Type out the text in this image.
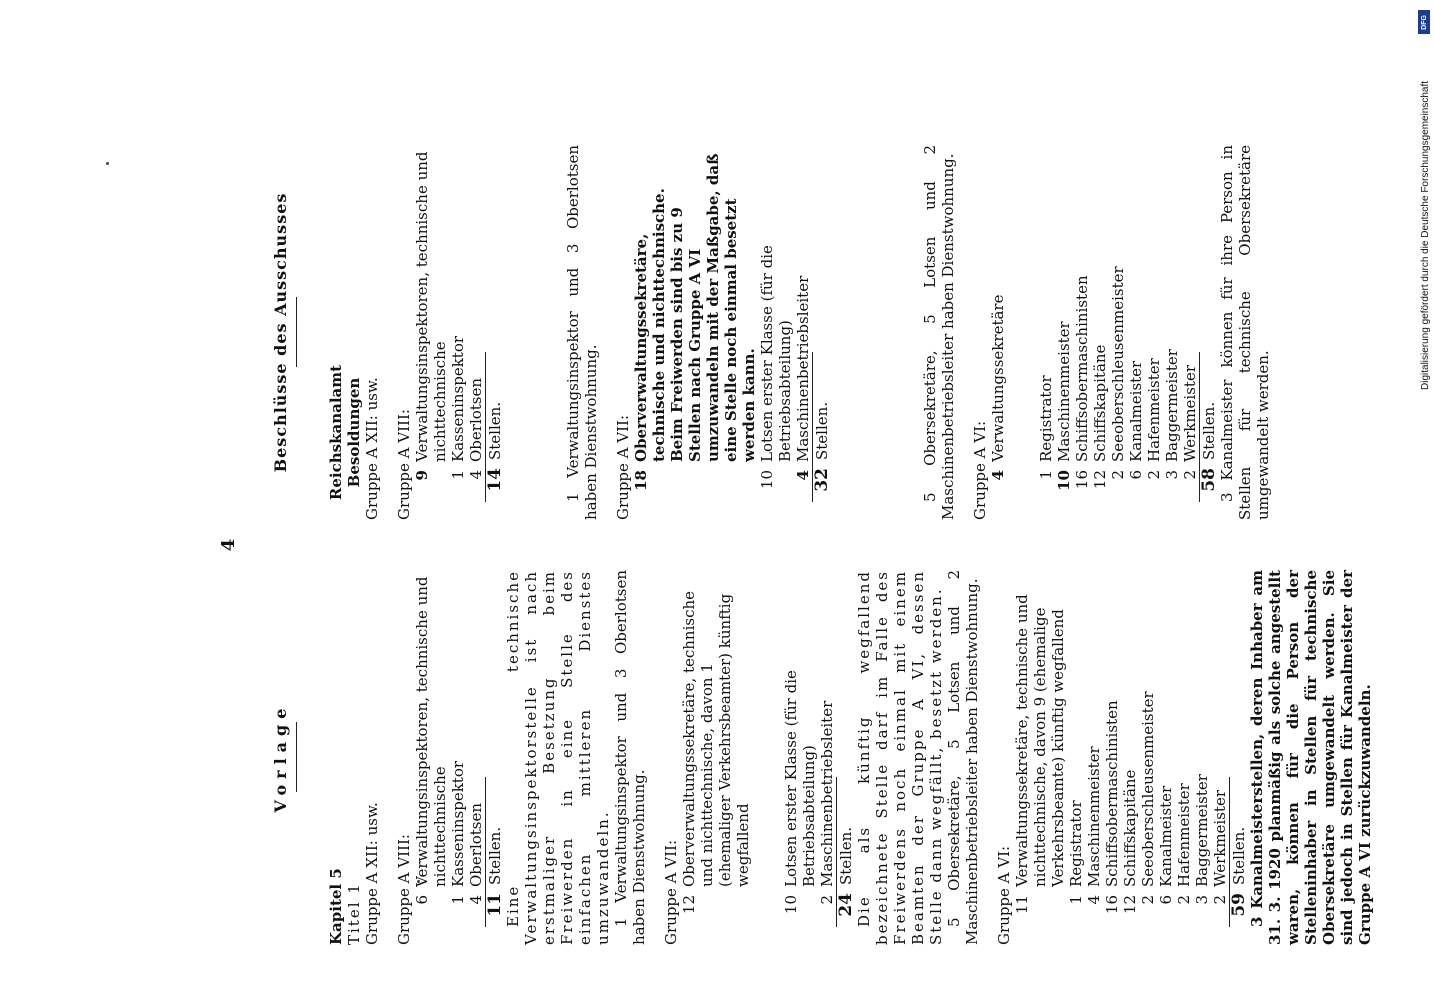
4
Vorlage
Kapitel 5 Titel 1 Gruppe A XII: usw. Gruppe A VIII: 6
Verwaltungsinspektoren, technische und nichttechnische
1
Kasseninspektor
4
Oberlotsen
11
Stellen. Eine technische Verwaltungsinspektorstelle ist nach erstmaliger Besetzung beim Freiwerden in eine Stelle des einfachen mittleren Dienstes umzuwandeln. 1 Verwaltungsinspektor und 3 Oberlotsen haben Dienstwohnung. Gruppe A VII: 12
Oberverwaltungssekretäre, technische und nichttechnische, davon 1 (ehemaliger Verkehrsbeamter) künftig wegfallend
10
Lotsen erster Klasse (für die Betriebsabteilung)
2
Maschinenbetriebsleiter
24
Stellen. Die als künftig wegfallend bezeichnete Stelle darf im Falle des Freiwerdens noch einmal mit einem Beamten der Gruppe A VI, dessen Stelle dann wegfällt, besetzt werden. 5 Obersekretäre, 5 Lotsen und 2 Maschinenbetriebsleiter haben Dienstwohnung. Gruppe A VI: 11
Verwaltungssekretäre, technische und nichttechnische, davon 9 (ehemalige Verkehrsbeamte) künftig wegfallend
1
Registrator
4
Maschinenmeister
16
Schiffsobermaschinisten
12
Schiffskapitäne
2
Seeoberschleusenmeister
6
Kanalmeister
2
Hafenmeister
3
Baggermeister
2
Werkmeister
59
Stellen. 3 Kanalmeisterstellen, deren Inhaber am 31. 3. 1920 planmäßig als solche angestellt waren, können für die Person der Stelleninhaber in Stellen für technische Obersekretäre umgewandelt werden. Sie sind jedoch in Stellen für Kanalmeister der Gruppe A VI zurückzuwandeln.
Beschlüsse des Ausschusses Reichskanalamt Besoldungen Gruppe A XII: usw. Gruppe A VIII: 9
Verwaltungsinspektoren, technische und nichttechnische
1
Kasseninspektor
4
Oberlotsen
14
Stellen.	1 Verwaltungsinspektor und 3 Oberlotsen haben Dienstwohnung. Gruppe A VII: 18
Oberverwaltungssekretäre, technische und nichttechnische. Beim Freiwerden sind bis zu 9 Stellen nach Gruppe A VI umzuwandeln mit der Maßgabe, daß eine Stelle noch einmal besetzt werden kann.
10
Lotsen erster Klasse (für die Betriebsabteilung)
4
Maschinenbetriebsleiter
32
Stellen.	5 Obersekretäre, 5 Lotsen und 2 Maschinenbetriebsleiter haben Dienstwohnung. Gruppe A VI: 4
Verwaltungssekretäre
1
Registrator
10
Maschinenmeister
16
Schiffsobermaschinisten
12
Schiffskapitäne
2
Seeoberschleusenmeister
6
Kanalmeister
2
Hafenmeister
3
Baggermeister
2
Werkmeister
58
Stellen. 3 Kanalmeister können für ihre Person in Stellen für technische Obersekretäre umgewandelt werden.
DFG
Digitalisierung gefördert durch die Deutsche Forschungsgemeinschaft
